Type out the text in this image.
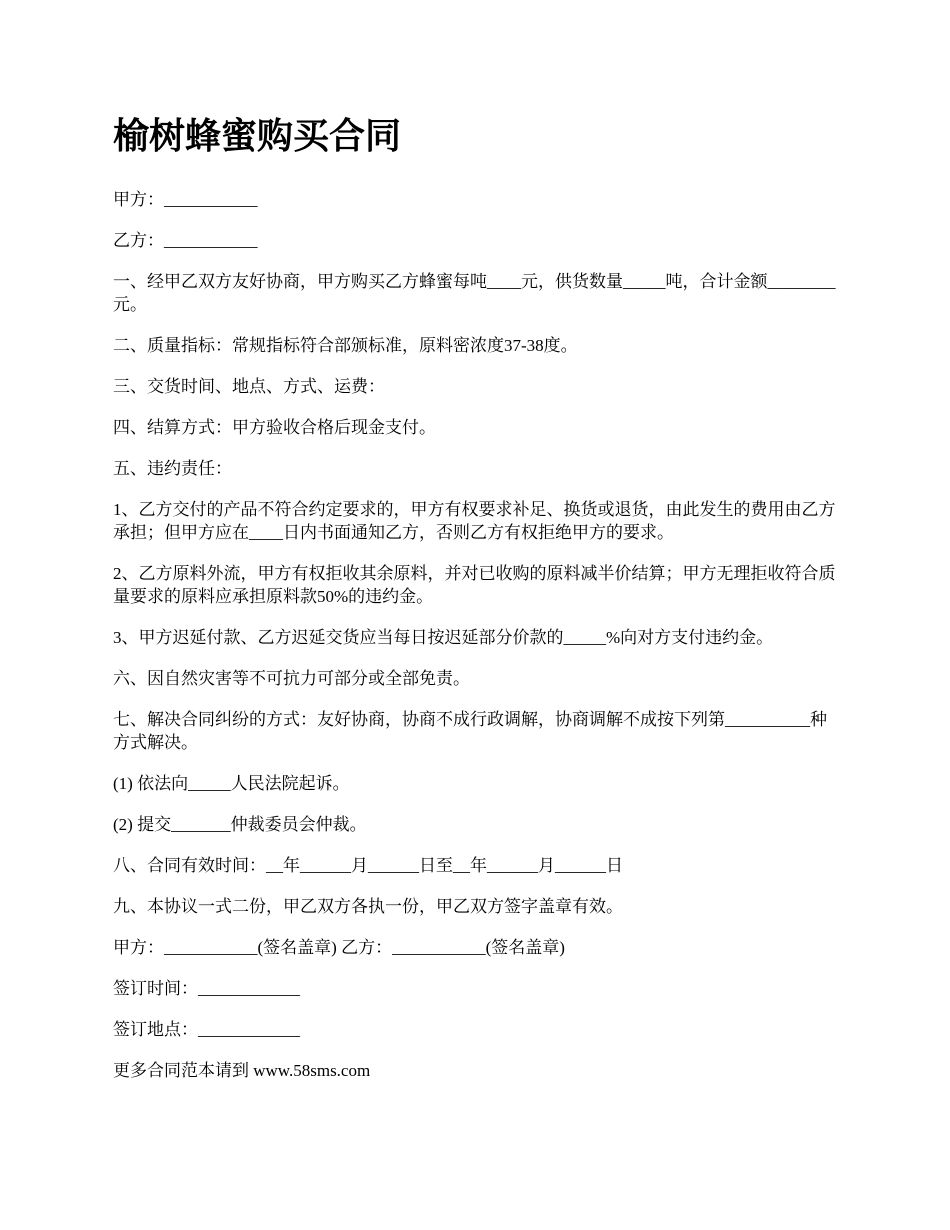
榆树蜂蜜购买合同

甲方：___________

乙方：___________

一、经甲乙双方友好协商，甲方购买乙方蜂蜜每吨____元，供货数量_____吨，合计金额________元。

二、质量指标：常规指标符合部颁标准，原料密浓度37-38度。

三、交货时间、地点、方式、运费：

四、结算方式：甲方验收合格后现金支付。

五、违约责任：

1、乙方交付的产品不符合约定要求的，甲方有权要求补足、换货或退货，由此发生的费用由乙方承担；但甲方应在____日内书面通知乙方，否则乙方有权拒绝甲方的要求。

2、乙方原料外流，甲方有权拒收其余原料，并对已收购的原料减半价结算；甲方无理拒收符合质量要求的原料应承担原料款50%的违约金。

3、甲方迟延付款、乙方迟延交货应当每日按迟延部分价款的_____%向对方支付违约金。

六、因自然灾害等不可抗力可部分或全部免责。

七、解决合同纠纷的方式：友好协商，协商不成行政调解，协商调解不成按下列第__________种方式解决。

(1) 依法向_____人民法院起诉。

(2) 提交_______仲裁委员会仲裁。

八、合同有效时间：__年______月______日至__年______月______日

九、本协议一式二份，甲乙双方各执一份，甲乙双方签字盖章有效。

甲方：___________(签名盖章) 乙方：___________(签名盖章)

签订时间：____________

签订地点：____________

更多合同范本请到 www.58sms.com
